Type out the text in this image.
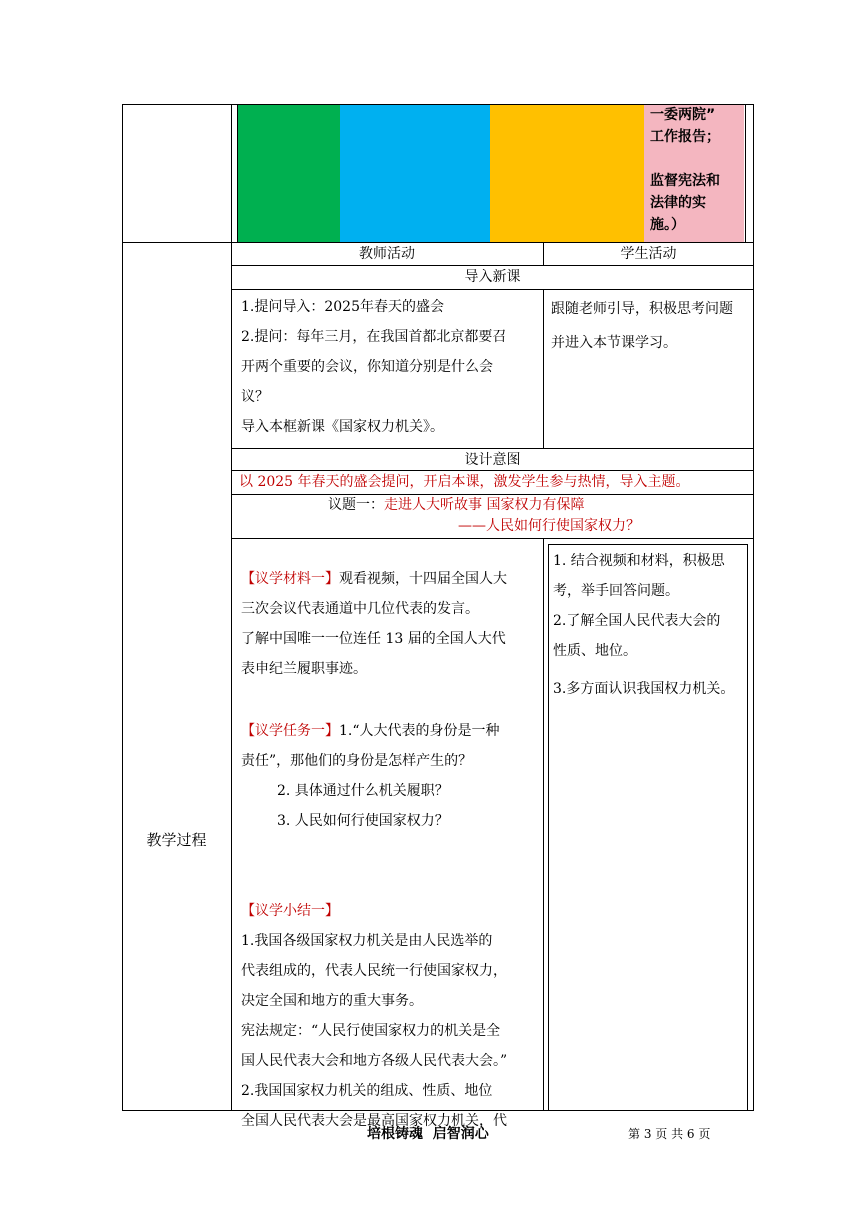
一委两院”

工作报告；

监督宪法和

法律的实

施。）

教学过程
教师活动	学生活动
导入新课

1.提问导入：2025年春天的盛会

2.提问：每年三月，在我国首都北京都要召

开两个重要的会议，你知道分别是什么会

议？

导入本框新课《国家权力机关》。

跟随老师引导，积极思考问题

并进入本节课学习。

设计意图
以 2025 年春天的盛会提问，开启本课，激发学生参与热情，导入主题。

议题一：走进人大听故事 国家权力有保障

——人民如何行使国家权力？

【议学材料一】观看视频，十四届全国人大

三次会议代表通道中几位代表的发言。

了解中国唯一一位连任 13 届的全国人大代

表申纪兰履职事迹。

【议学任务一】1.“人大代表的身份是一种

责任”，那他们的身份是怎样产生的？

2. 具体通过什么机关履职？

3. 人民如何行使国家权力？

【议学小结一】

1.我国各级国家权力机关是由人民选举的

代表组成的，代表人民统一行使国家权力，

决定全国和地方的重大事务。

宪法规定：“人民行使国家权力的机关是全

国人民代表大会和地方各级人民代表大会。”

2.我国国家权力机关的组成、性质、地位

全国人民代表大会是最高国家权力机关，代

1. 结合视频和材料，积极思

考，举手回答问题。

2.了解全国人民代表大会的

性质、地位。

3.多方面认识我国权力机关。

培根铸魂  启智润心	第 3 页 共 6 页
